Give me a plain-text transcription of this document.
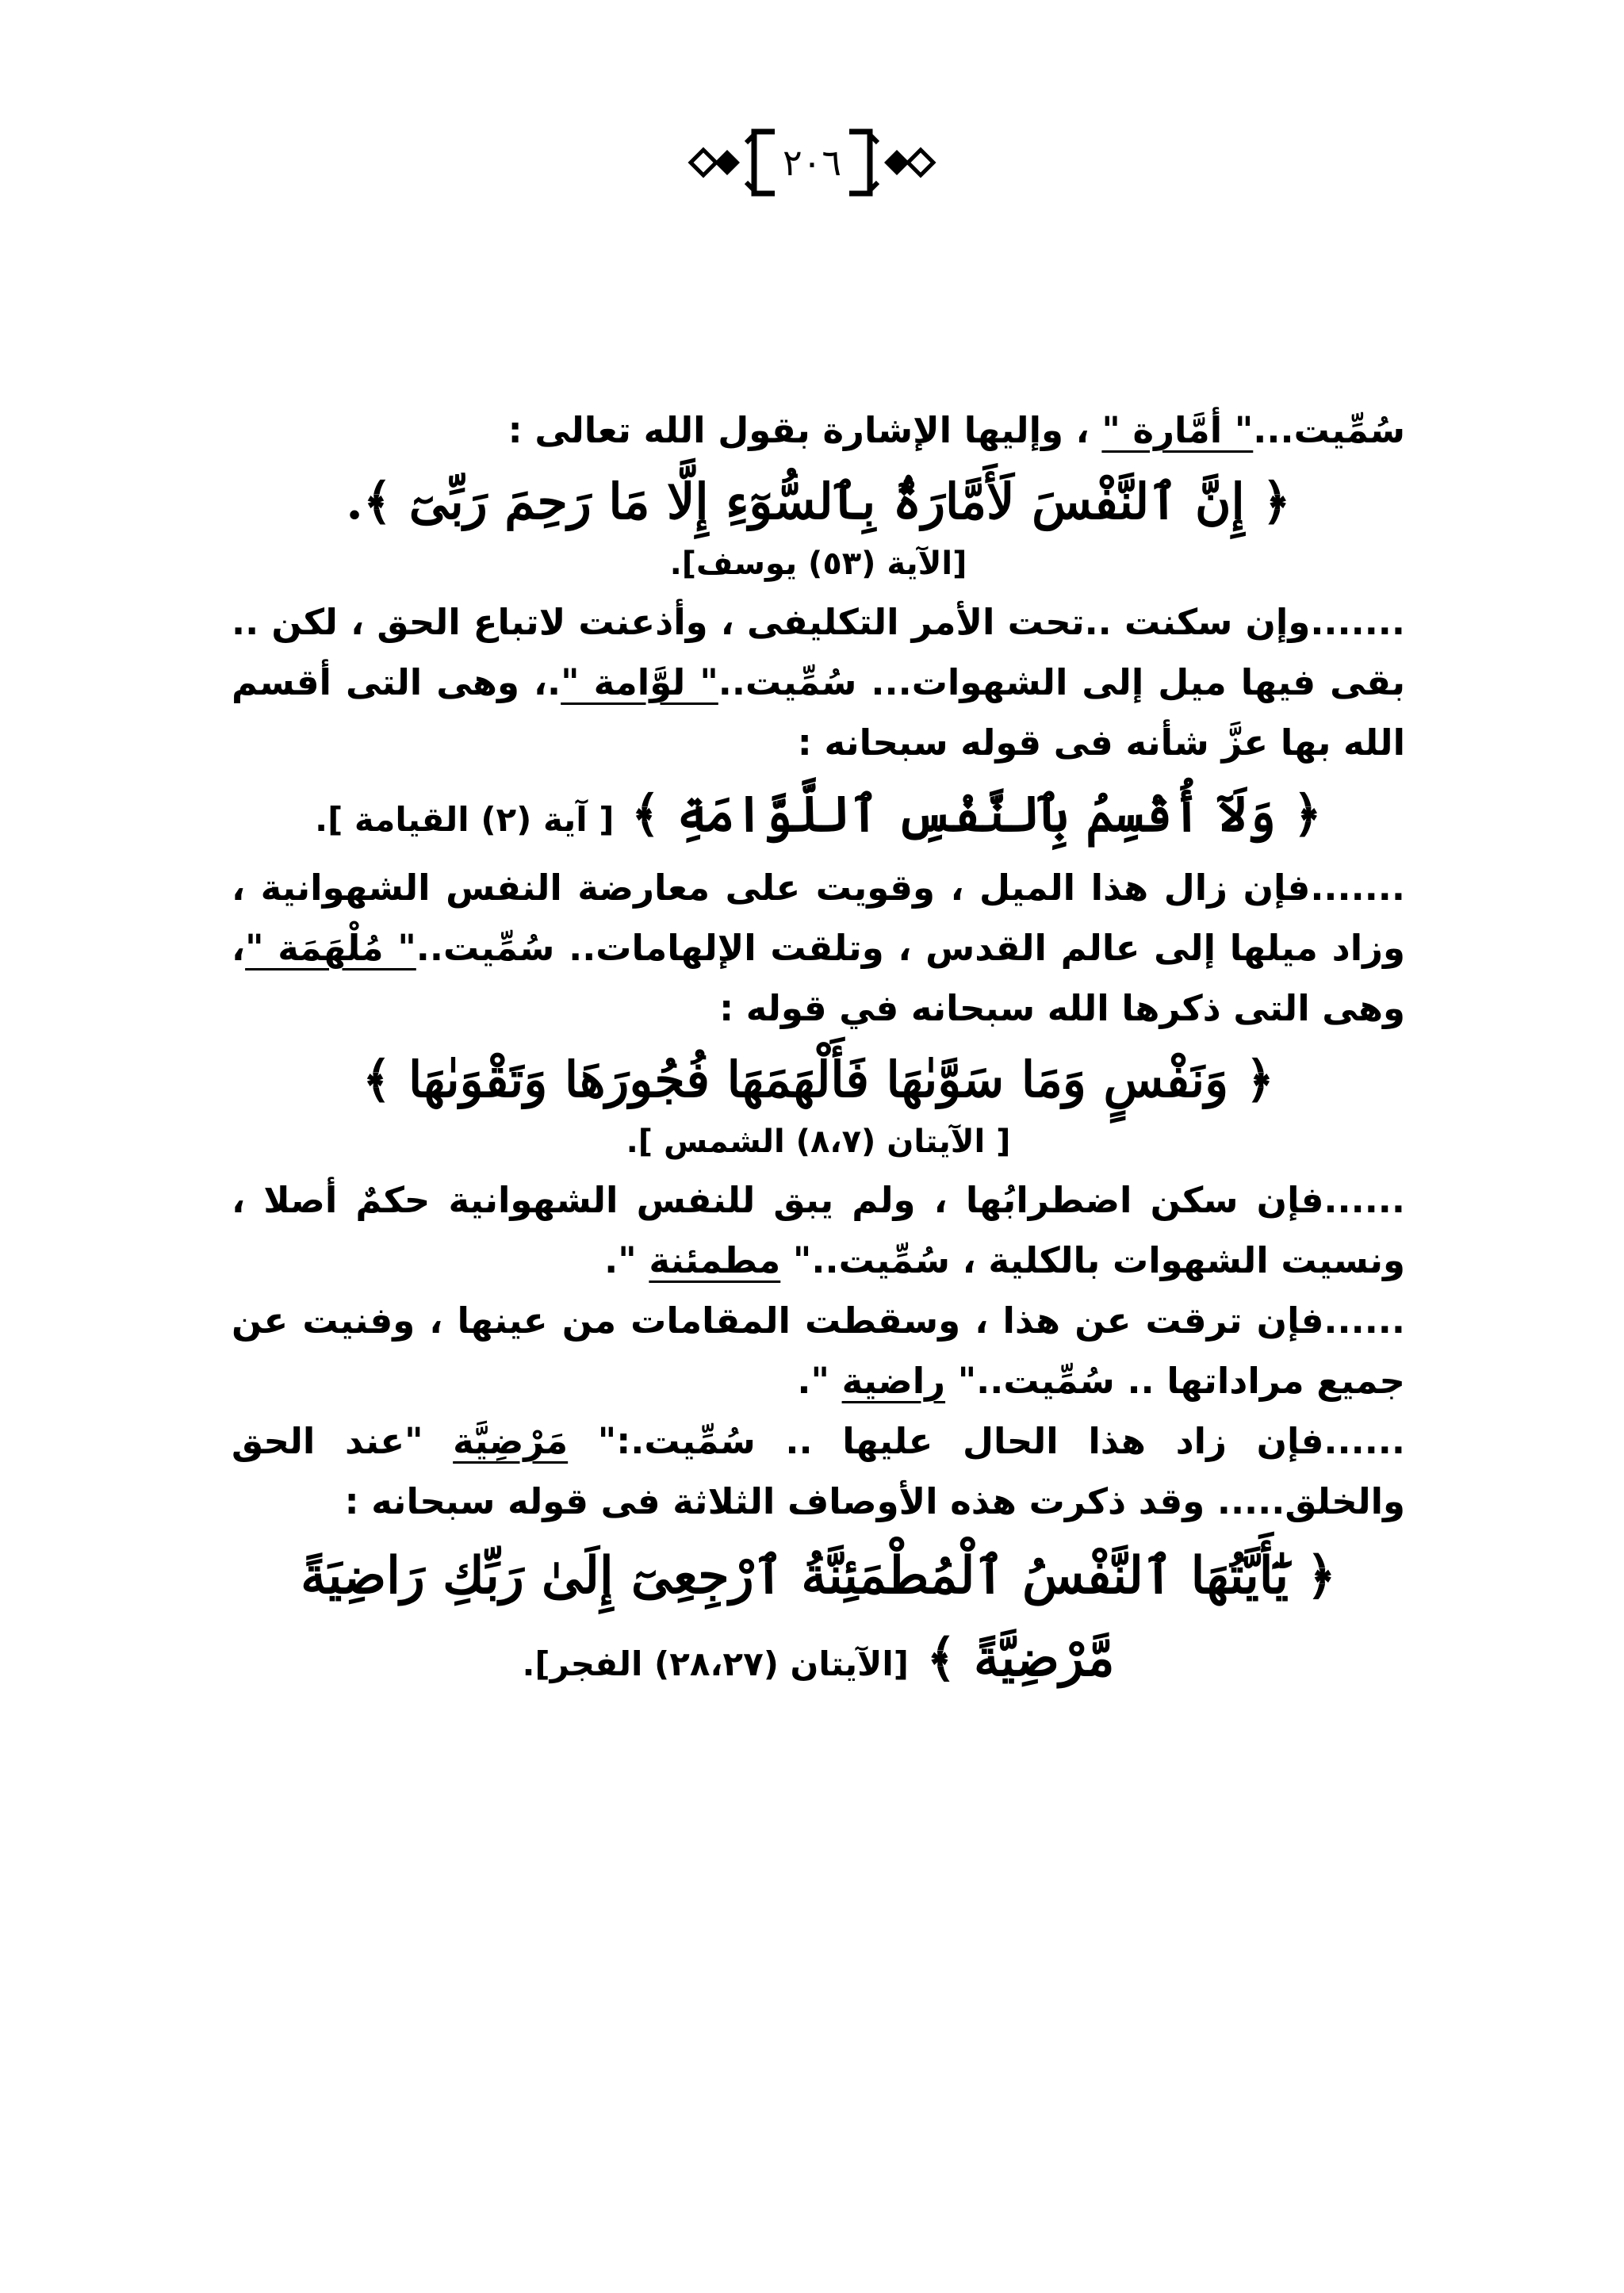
٢٠٦

سُمِّيت..." أمَّارة " ، وإليها الإشارة بقول الله تعالى :

﴿ إِنَّ ٱلنَّفْسَ لَأَمَّارَةٌۢ بِٱلسُّوٓءِ إِلَّا مَا رَحِمَ رَبِّىٓ ﴾.

[الآية (٥٣) يوسف].

.......وإن سكنت ..تحت الأمر التكليفى ، وأذعنت لاتباع الحق ، لكن .. بقى فيها ميل إلى الشهوات... سُمِّيت.." لوَّامة ".، وهى التى أقسم الله بها عزَّ شأنه فى قوله سبحانه :

﴿ وَلَآ أُقْسِمُ بِٱلنَّفْسِ ٱللَّوَّامَةِ ﴾ [ آية (٢) القيامة ].

.......فإن زال هذا الميل ، وقويت على معارضة النفس الشهوانية ، وزاد ميلها إلى عالم القدس ، وتلقت الإلهامات.. سُمِّيت.." مُلْهَمَة "، وهى التى ذكرها الله سبحانه في قوله :

﴿ وَنَفْسٍ وَمَا سَوَّىٰهَا فَأَلْهَمَهَا فُجُورَهَا وَتَقْوَىٰهَا ﴾

[ الآيتان (٨،٧) الشمس ].

......فإن سكن اضطرابُها ، ولم يبق للنفس الشهوانية حكمٌ أصلا ، ونسيت الشهوات بالكلية ، سُمِّيت.." مطمئنة ".

......فإن ترقت عن هذا ، وسقطت المقامات من عينها ، وفنيت عن جميع مراداتها .. سُمِّيت.." راضية ".

......فإن زاد هذا الحال عليها .. سُمِّيت.:" مَرْضِيَّة "عند الحق والخلق..... وقد ذكرت هذه الأوصاف الثلاثة فى قوله سبحانه :

﴿ يَٰٓأَيَّتُهَا ٱلنَّفْسُ ٱلْمُطْمَئِنَّةُ ٱرْجِعِىٓ إِلَىٰ رَبِّكِ رَاضِيَةً مَّرْضِيَّةً ﴾ [الآيتان (٢٨،٢٧) الفجر].
